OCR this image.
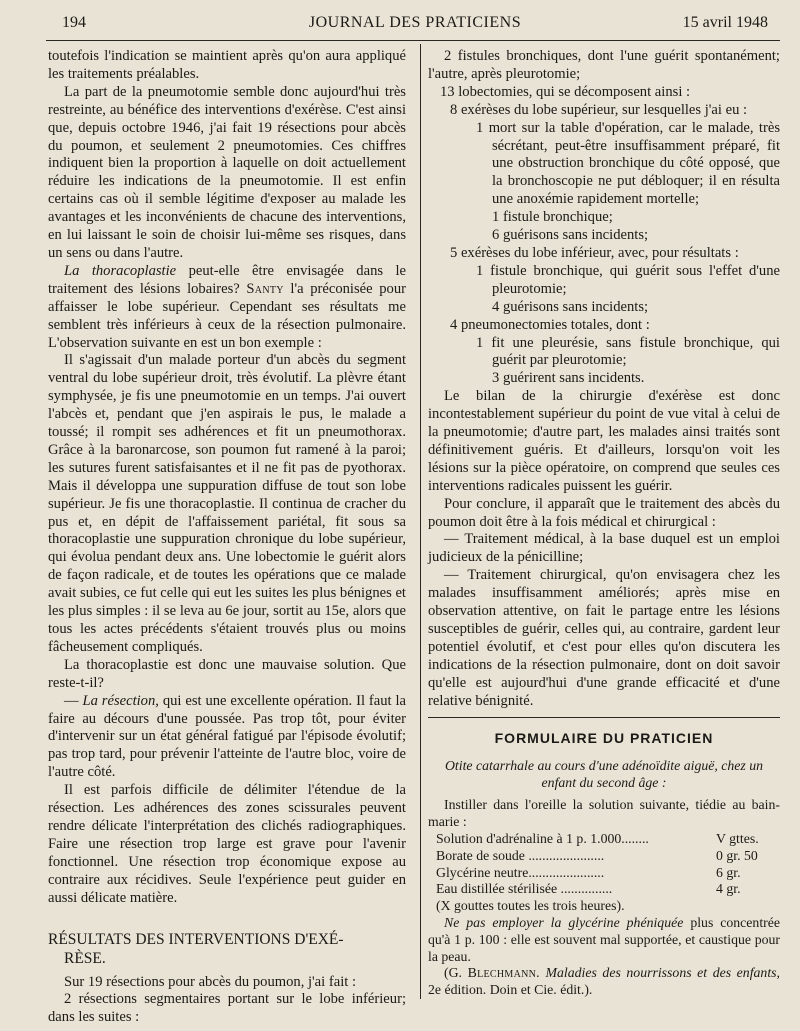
194	JOURNAL DES PRATICIENS	15 avril 1948

toutefois l'indication se maintient après qu'on aura appliqué les traitements préalables.

La part de la pneumotomie semble donc aujourd'hui très restreinte, au bénéfice des interventions d'exérèse. C'est ainsi que, depuis octobre 1946, j'ai fait 19 résections pour abcès du poumon, et seulement 2 pneumotomies. Ces chiffres indiquent bien la proportion à laquelle on doit actuellement réduire les indications de la pneumotomie. Il est enfin certains cas où il semble légitime d'exposer au malade les avantages et les inconvénients de chacune des interventions, en lui laissant le soin de choisir lui-même ses risques, dans un sens ou dans l'autre.

La thoracoplastie peut-elle être envisagée dans le traitement des lésions lobaires? Santy l'a préconisée pour affaisser le lobe supérieur. Cependant ses résultats me semblent très inférieurs à ceux de la résection pulmonaire. L'observation suivante en est un bon exemple :

Il s'agissait d'un malade porteur d'un abcès du segment ventral du lobe supérieur droit, très évolutif. La plèvre étant symphysée, je fis une pneumotomie en un temps. J'ai ouvert l'abcès et, pendant que j'en aspirais le pus, le malade a toussé; il rompit ses adhérences et fit un pneumothorax. Grâce à la baronarcose, son poumon fut ramené à la paroi; les sutures furent satisfaisantes et il ne fit pas de pyothorax. Mais il développa une suppuration diffuse de tout son lobe supérieur. Je fis une thoracoplastie. Il continua de cracher du pus et, en dépit de l'affaissement pariétal, fit sous sa thoracoplastie une suppuration chronique du lobe supérieur, qui évolua pendant deux ans. Une lobectomie le guérit alors de façon radicale, et de toutes les opérations que ce malade avait subies, ce fut celle qui eut les suites les plus bénignes et les plus simples : il se leva au 6e jour, sortit au 15e, alors que tous les actes précédents s'étaient trouvés plus ou moins fâcheusement compliqués.

La thoracoplastie est donc une mauvaise solution. Que reste-t-il?

— La résection, qui est une excellente opération. Il faut la faire au décours d'une poussée. Pas trop tôt, pour éviter d'intervenir sur un état général fatigué par l'épisode évolutif; pas trop tard, pour prévenir l'atteinte de l'autre bloc, voire de l'autre côté.

Il est parfois difficile de délimiter l'étendue de la résection. Les adhérences des zones scissurales peuvent rendre délicate l'interprétation des clichés radiographiques. Faire une résection trop large est grave pour l'avenir fonctionnel. Une résection trop économique expose au contraire aux récidives. Seule l'expérience peut guider en aussi délicate matière.

RÉSULTATS DES INTERVENTIONS D'EXÉ-
RÈSE.

Sur 19 résections pour abcès du poumon, j'ai fait :

2 résections segmentaires portant sur le lobe inférieur; dans les suites :

2 fistules bronchiques, dont l'une guérit spontanément; l'autre, après pleurotomie;

13 lobectomies, qui se décomposent ainsi :

8 exérèses du lobe supérieur, sur lesquelles j'ai eu :

1 mort sur la table d'opération, car le malade, très sécrétant, peut-être insuffisamment préparé, fit une obstruction bronchique du côté opposé, que la bronchoscopie ne put débloquer; il en résulta une anoxémie rapidement mortelle;

1 fistule bronchique;

6 guérisons sans incidents;

5 exérèses du lobe inférieur, avec, pour résultats :

1 fistule bronchique, qui guérit sous l'effet d'une pleurotomie;

4 guérisons sans incidents;

4 pneumonectomies totales, dont :

1 fit une pleurésie, sans fistule bronchique, qui guérit par pleurotomie;

3 guérirent sans incidents.

Le bilan de la chirurgie d'exérèse est donc incontestablement supérieur du point de vue vital à celui de la pneumotomie; d'autre part, les malades ainsi traités sont définitivement guéris. Et d'ailleurs, lorsqu'on voit les lésions sur la pièce opératoire, on comprend que seules ces interventions radicales puissent les guérir.

Pour conclure, il apparaît que le traitement des abcès du poumon doit être à la fois médical et chirurgical :

— Traitement médical, à la base duquel est un emploi judicieux de la pénicilline;

— Traitement chirurgical, qu'on envisagera chez les malades insuffisamment améliorés; après mise en observation attentive, on fait le partage entre les lésions susceptibles de guérir, celles qui, au contraire, gardent leur potentiel évolutif, et c'est pour elles qu'on discutera les indications de la résection pulmonaire, dont on doit savoir qu'elle est aujourd'hui d'une grande efficacité et d'une relative bénignité.

FORMULAIRE DU PRATICIEN

Otite catarrhale au cours d'une adénoïdite aiguë, chez un enfant du second âge :

Instiller dans l'oreille la solution suivante, tiédie au bain-marie :

Solution d'adrénaline à 1 p. 1.000........	V gttes.
Borate de soude ......................	0 gr. 50
Glycérine neutre......................	6 gr.
Eau distillée stérilisée ...............	4 gr.
(X gouttes toutes les trois heures).

Ne pas employer la glycérine phéniquée plus concentrée qu'à 1 p. 100 : elle est souvent mal supportée, et caustique pour la peau.

(G. Blechmann. Maladies des nourrissons et des enfants, 2e édition. Doin et Cie. édit.).
